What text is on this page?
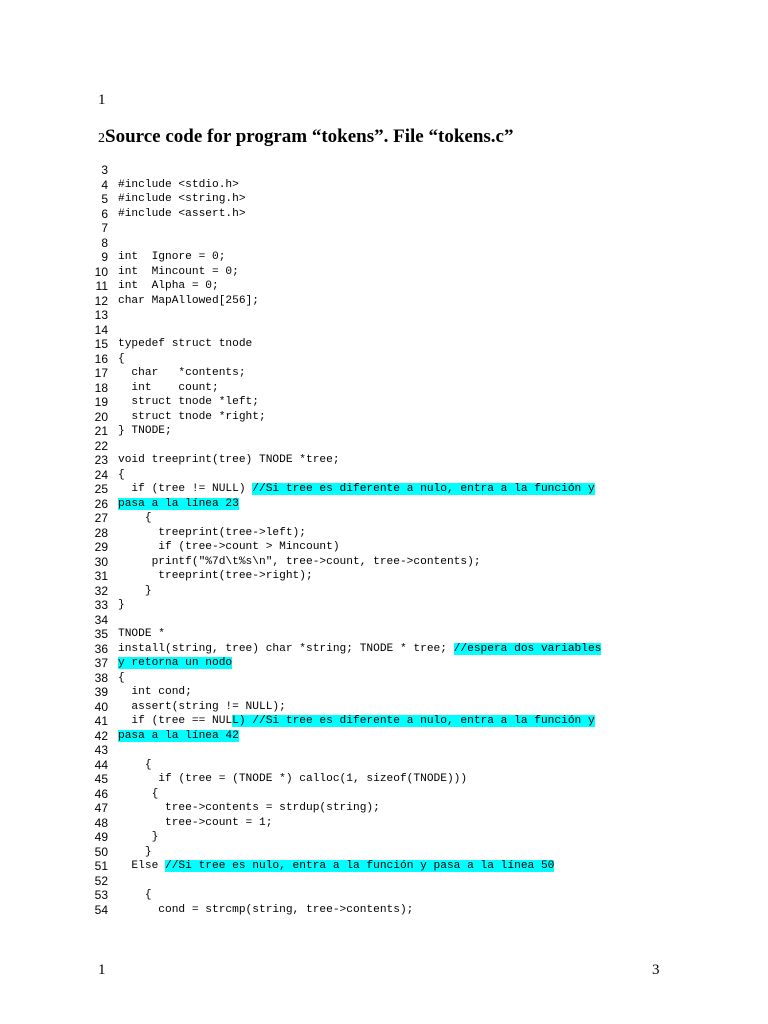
1
2Source code for program “tokens”. File “tokens.c”
3
4 #include <stdio.h>
5 #include <string.h>
6 #include <assert.h>
7
8
9 int  Ignore = 0;
10 int  Mincount = 0;
11 int  Alpha = 0;
12 char MapAllowed[256];
13
14
15 typedef struct tnode
16 {
17 char   *contents;
18 int    count;
19 struct tnode *left;
20 struct tnode *right;
21 } TNODE;
22
23 void treeprint(tree) TNODE *tree;
24 {
25 if (tree != NULL) //Si tree es diferente a nulo, entra a la función y
26 pasa a la línea 23
27 {
28 treeprint(tree->left);
29 if (tree->count > Mincount)
30 printf("%7d\t%s\n", tree->count, tree->contents);
31 treeprint(tree->right);
32 }
33 }
34
35 TNODE *
36 install(string, tree) char *string; TNODE * tree; //espera dos variables
37 y retorna un nodo
38 {
39 int cond;
40 assert(string != NULL);
41 if (tree == NULL) //Si tree es diferente a nulo, entra a la función y
42 pasa a la línea 42
43
44 {
45 if (tree = (TNODE *) calloc(1, sizeof(TNODE)))
46 {
47 tree->contents = strdup(string);
48 tree->count = 1;
49 }
50 }
51 Else //Si tree es nulo, entra a la función y pasa a la línea 50
52
53 {
54 cond = strcmp(string, tree->contents);
1	3
